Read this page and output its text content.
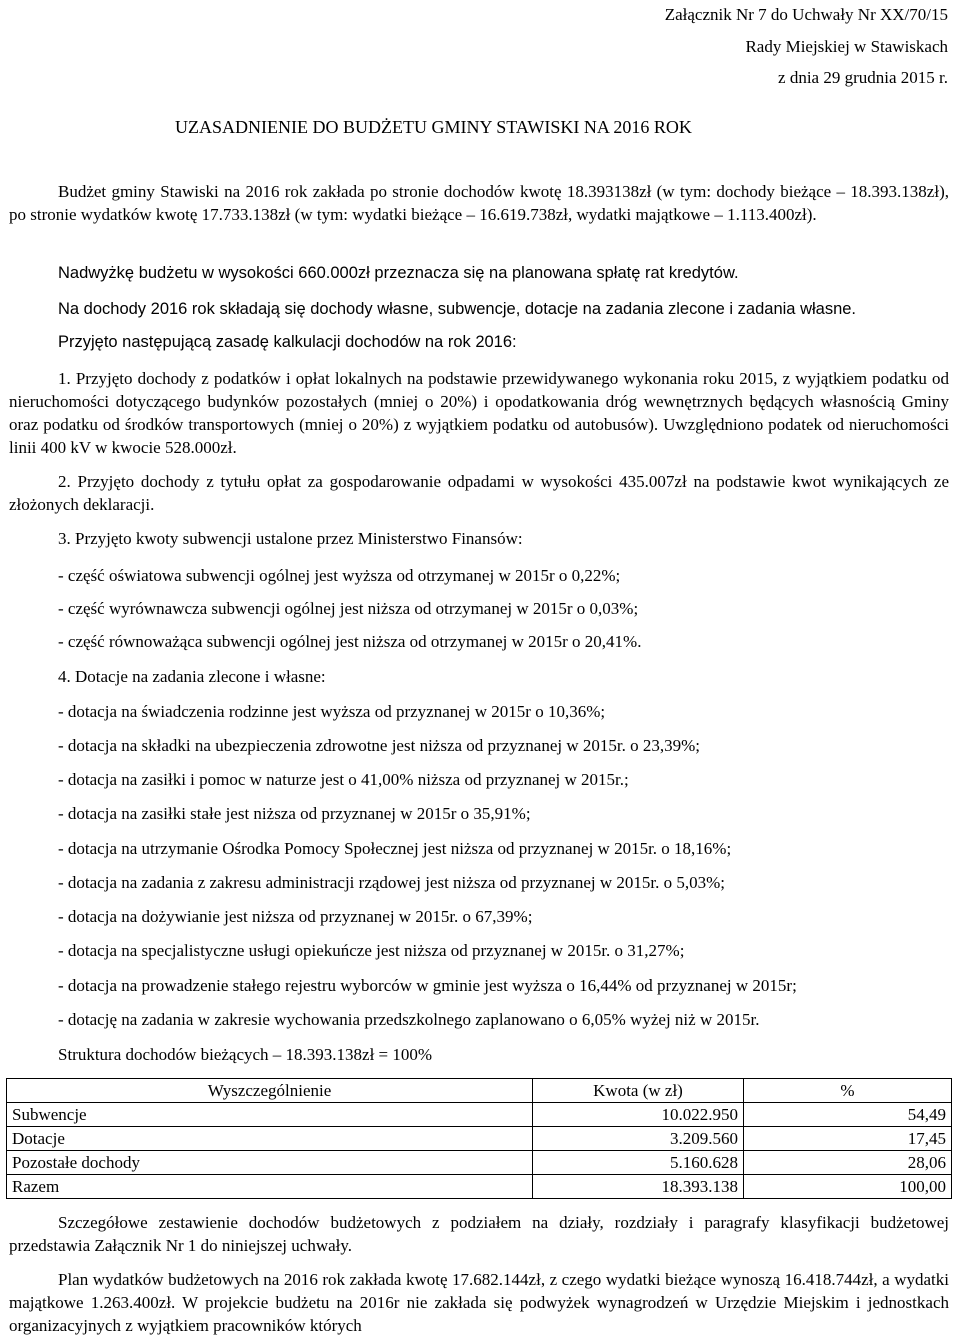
Załącznik Nr 7 do Uchwały Nr XX/70/15
Rady Miejskiej w Stawiskach
z dnia 29 grudnia 2015 r.
UZASADNIENIE DO BUDŻETU GMINY STAWISKI NA 2016 ROK

Budżet gminy Stawiski na 2016 rok zakłada po stronie dochodów kwotę 18.393138zł (w tym: dochody bieżące – 18.393.138zł), po stronie wydatków kwotę 17.733.138zł (w tym: wydatki bieżące – 16.619.738zł, wydatki majątkowe – 1.113.400zł).

Nadwyżkę budżetu w wysokości 660.000zł przeznacza się na planowana spłatę rat kredytów.
Na dochody 2016 rok składają się dochody własne, subwencje, dotacje na zadania zlecone i zadania własne.
Przyjęto następującą zasadę kalkulacji dochodów na rok 2016:

1. Przyjęto dochody z podatków i opłat lokalnych na podstawie przewidywanego wykonania roku 2015, z wyjątkiem podatku od nieruchomości dotyczącego budynków pozostałych (mniej o 20%) i opodatkowania dróg wewnętrznych będących własnością Gminy oraz podatku od środków transportowych (mniej o 20%) z wyjątkiem podatku od autobusów). Uwzględniono podatek od nieruchomości linii 400 kV w kwocie 528.000zł.

2. Przyjęto dochody z tytułu opłat za gospodarowanie odpadami w wysokości 435.007zł na podstawie kwot wynikających ze złożonych deklaracji.

3. Przyjęto kwoty subwencji ustalone przez Ministerstwo Finansów:
- część oświatowa subwencji ogólnej jest wyższa od otrzymanej w 2015r o 0,22%;
- część wyrównawcza subwencji ogólnej jest niższa od otrzymanej w 2015r o 0,03%;
- część równoważąca subwencji ogólnej jest niższa od otrzymanej w 2015r o 20,41%.
4. Dotacje na zadania zlecone i własne:
- dotacja na świadczenia rodzinne jest wyższa od przyznanej w 2015r o 10,36%;
- dotacja na składki na ubezpieczenia zdrowotne jest niższa od przyznanej w 2015r. o 23,39%;
- dotacja na zasiłki i pomoc w naturze jest o 41,00% niższa od przyznanej w 2015r.;
- dotacja na zasiłki stałe jest niższa od przyznanej w 2015r o 35,91%;
- dotacja na utrzymanie Ośrodka Pomocy Społecznej jest niższa od przyznanej w 2015r. o 18,16%;
- dotacja na zadania z zakresu administracji rządowej jest niższa od przyznanej w 2015r. o 5,03%;
- dotacja na dożywianie jest niższa od przyznanej w 2015r. o 67,39%;
- dotacja na specjalistyczne usługi opiekuńcze jest niższa od przyznanej w 2015r. o 31,27%;
- dotacja na prowadzenie stałego rejestru wyborców w gminie jest wyższa o 16,44% od przyznanej w 2015r;
- dotację na zadania w zakresie wychowania przedszkolnego zaplanowano o 6,05% wyżej niż w 2015r.
Struktura dochodów bieżących – 18.393.138zł = 100%
Wyszczególnienie	Kwota (w zł)	%
Subwencje	10.022.950	54,49
Dotacje	3.209.560	17,45
Pozostałe dochody	5.160.628	28,06
Razem	18.393.138	100,00

Szczegółowe zestawienie dochodów budżetowych z podziałem na działy, rozdziały i paragrafy klasyfikacji budżetowej przedstawia Załącznik Nr 1 do niniejszej uchwały.

Plan wydatków budżetowych na 2016 rok zakłada kwotę 17.682.144zł, z czego wydatki bieżące wynoszą 16.418.744zł, a wydatki majątkowe 1.263.400zł. W projekcie budżetu na 2016r nie zakłada się podwyżek wynagrodzeń w Urzędzie Miejskim i jednostkach organizacyjnych z wyjątkiem pracowników których
